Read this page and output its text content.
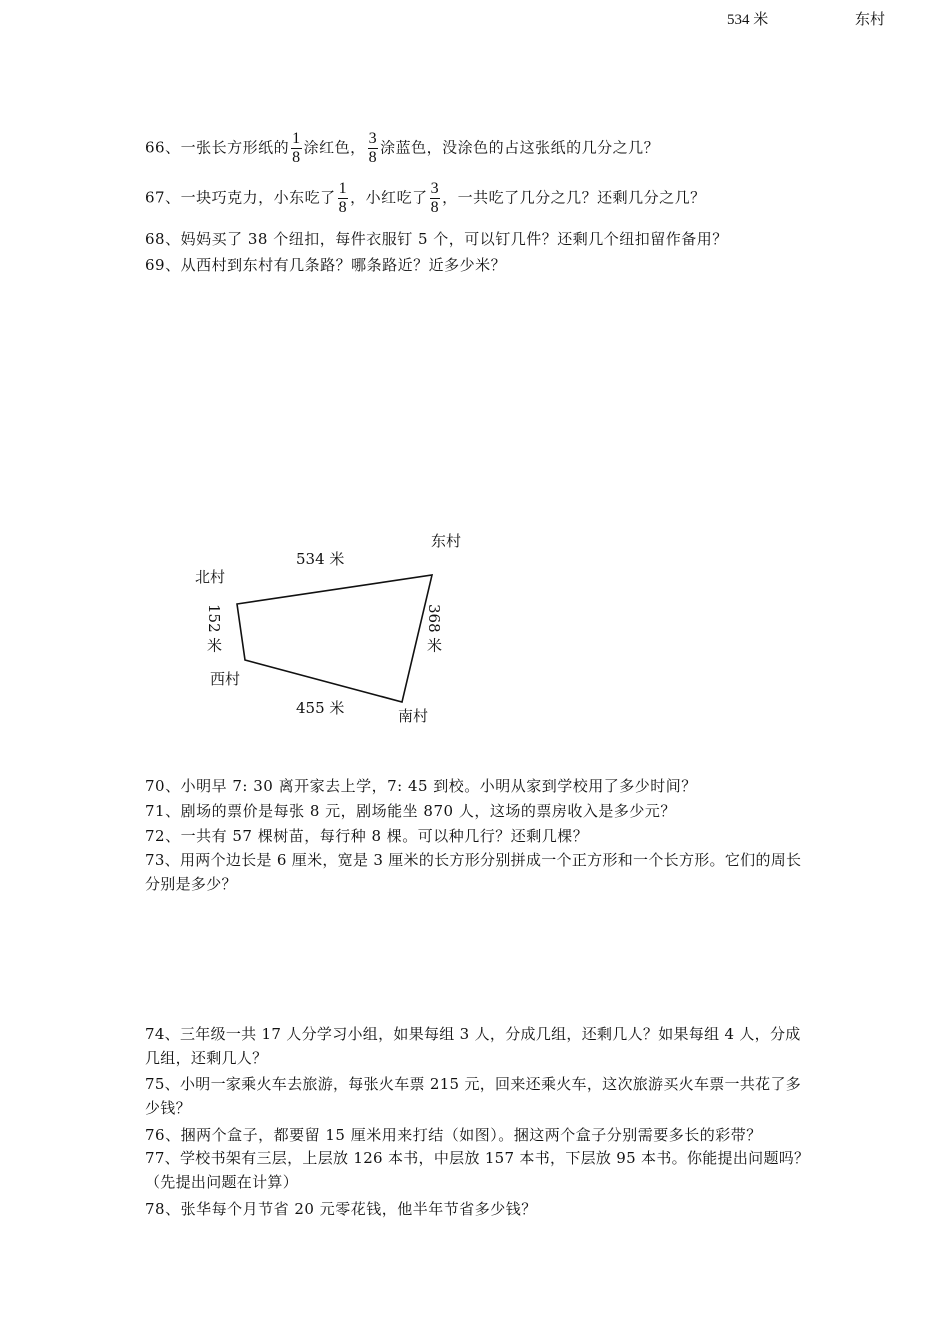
534 米	东村
66、一张长方形纸的 $\frac{1}{8}$ 涂红色， $\frac{3}{8}$ 涂蓝色，没涂色的占这张纸的几分之几？
67、一块巧克力，小东吃了 $\frac{1}{8}$ ，小红吃了 $\frac{3}{8}$ ，一共吃了几分之几？还剩几分之几？
68、妈妈买了 38 个纽扣，每件衣服钉 5 个，可以钉几件？还剩几个纽扣留作备用？
69、从西村到东村有几条路？哪条路近？近多少米？
东村
北村
534 米
152 米	368 米
西村
455 米	南村
70、小明早 7: 30 离开家去上学，7: 45 到校。小明从家到学校用了多少时间？
71、剧场的票价是每张 8 元，剧场能坐 870 人，这场的票房收入是多少元？
72、一共有 57 棵树苗，每行种 8 棵。可以种几行？还剩几棵？
73、用两个边长是 6 厘米，宽是 3 厘米的长方形分别拼成一个正方形和一个长方形。它们的周长分别是多少？
74、三年级一共 17 人分学习小组，如果每组 3 人，分成几组，还剩几人？如果每组 4 人，分成几组，还剩几人？
75、小明一家乘火车去旅游，每张火车票 215 元，回来还乘火车，这次旅游买火车票一共花了多少钱？
76、捆两个盒子，都要留 15 厘米用来打结（如图）。捆这两个盒子分别需要多长的彩带？
77、学校书架有三层，上层放 126 本书，中层放 157 本书，下层放 95 本书。你能提出问题吗？（先提出问题在计算）
78、张华每个月节省 20 元零花钱，他半年节省多少钱？
